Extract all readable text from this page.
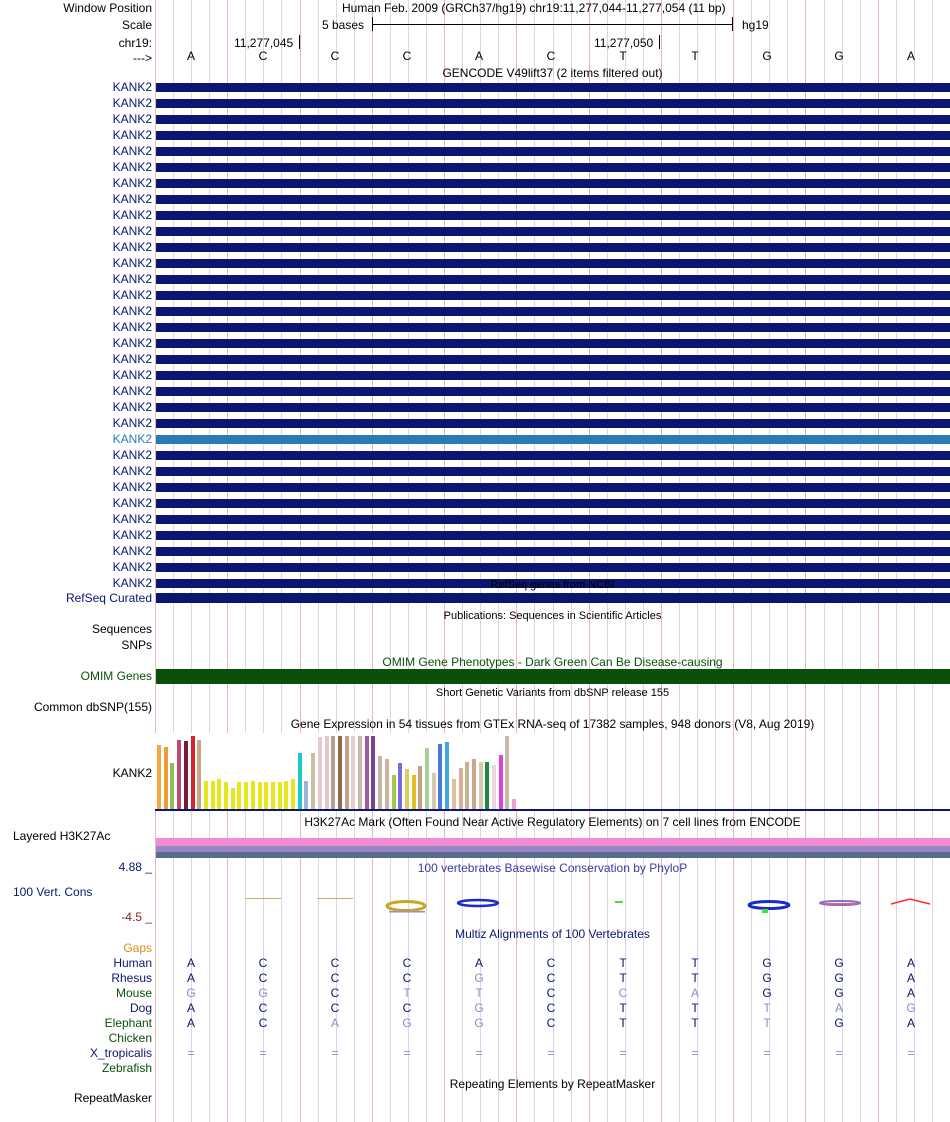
Window Position
Scale
chr19:
--->
Human Feb. 2009 (GRCh37/hg19) chr19:11,277,044-11,277,054 (11 bp)
5 bases	hg19
11,277,045	11,277,050
A	C	C	C	A	C	T	T	G	G	A
GENCODE V49lift37 (2 items filtered out)
KANK2
KANK2
KANK2
KANK2
KANK2
KANK2
KANK2
KANK2
KANK2
KANK2
KANK2
KANK2
KANK2
KANK2
KANK2
KANK2
KANK2
KANK2
KANK2
KANK2
KANK2
KANK2
KANK2
KANK2
KANK2
KANK2
KANK2
KANK2
KANK2
KANK2
KANK2
KANK2	RefSeq genes from NCBI
RefSeq Curated
Publications: Sequences in Scientific Articles
Sequences
SNPs
OMIM Gene Phenotypes - Dark Green Can Be Disease-causing
OMIM Genes
Short Genetic Variants from dbSNP release 155
Common dbSNP(155)
Gene Expression in 54 tissues from GTEx RNA-seq of 17382 samples, 948 donors (V8, Aug 2019)
KANK2
H3K27Ac Mark (Often Found Near Active Regulatory Elements) on 7 cell lines from ENCODE
Layered H3K27Ac
100 vertebrates Basewise Conservation by PhyloP
4.88 _
100 Vert. Cons
-4.5 _
Multiz Alignments of 100 Vertebrates
Gaps
Human	A	C	C	C	A	C	T	T	G	G	A
Rhesus	A	C	C	C	G	C	T	T	G	G	A
Mouse	G	G	C	T	T	C	C	A	G	G	A
Dog	A	C	C	C	G	C	T	T	T	A	G
Elephant	A	C	A	G	G	C	T	T	T	G	A
Chicken
X_tropicalis	=	=	=	=	=	=	=	=	=	=	=
Zebrafish
Repeating Elements by RepeatMasker
RepeatMasker
